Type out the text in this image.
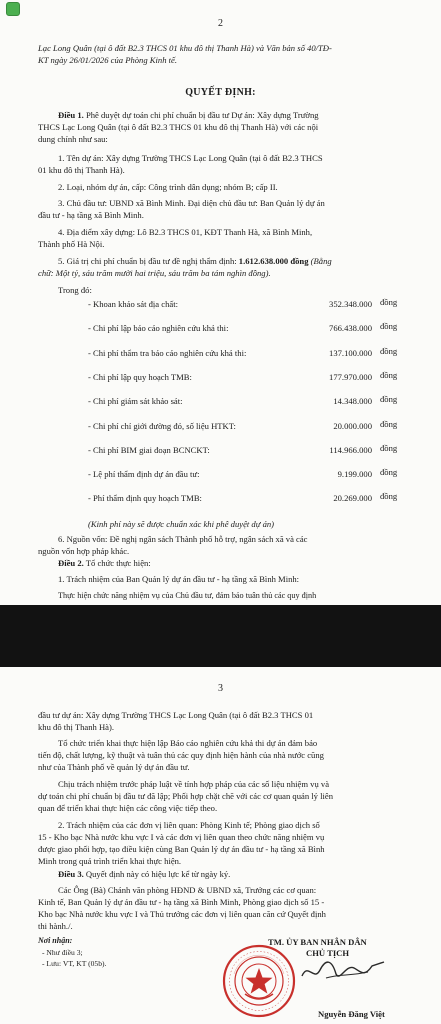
2
Lạc Long Quân (tại ô đất B2.3 THCS 01 khu đô thị Thanh Hà) và Văn bản số 40/TĐ-
KT ngày 26/01/2026 của Phòng Kinh tế.
QUYẾT ĐỊNH:
Điều 1. Phê duyệt dự toán chi phí chuẩn bị đầu tư Dự án: Xây dựng Trường
THCS Lạc Long Quân (tại ô đất B2.3 THCS 01 khu đô thị Thanh Hà) với các nội
dung chính như sau:
1. Tên dự án: Xây dựng Trường THCS Lạc Long Quân (tại ô đất B2.3 THCS
01 khu đô thị Thanh Hà).
2. Loại, nhóm dự án, cấp: Công trình dân dụng; nhóm B; cấp II.
3. Chủ đầu tư: UBND xã Bình Minh. Đại diện chủ đầu tư: Ban Quản lý dự án
đầu tư - hạ tầng xã Bình Minh.
4. Địa điểm xây dựng: Lô B2.3 THCS 01, KĐT Thanh Hà, xã Bình Minh,
Thành phố Hà Nội.
5. Giá trị chi phí chuẩn bị đầu tư đề nghị thẩm định: 1.612.638.000 đồng (Bằng
chữ: Một tỷ, sáu trăm mười hai triệu, sáu trăm ba tám nghìn đồng).
Trong đó:
- Khoan khảo sát địa chất:	352.348.000 đồng
- Chi phí lập báo cáo nghiên cứu khả thi:	766.438.000 đồng
- Chi phí thẩm tra báo cáo nghiên cứu khả thi:	137.100.000 đồng
- Chi phí lập quy hoạch TMB:	177.970.000 đồng
- Chi phí giám sát khảo sát:	14.348.000 đồng
- Chi phí chỉ giới đường đỏ, số liệu HTKT:	20.000.000 đồng
- Chi phí BIM giai đoạn BCNCKT:	114.966.000 đồng
- Lệ phí thẩm định dự án đầu tư:	9.199.000 đồng
- Phí thẩm định quy hoạch TMB:	20.269.000 đồng
(Kinh phí này sẽ được chuẩn xác khi phê duyệt dự án)
6. Nguồn vốn: Đề nghị ngân sách Thành phố hỗ trợ, ngân sách xã và các
nguồn vốn hợp pháp khác.
Điều 2. Tổ chức thực hiện:
1. Trách nhiệm của Ban Quản lý dự án đầu tư - hạ tầng xã Bình Minh:
Thực hiện chức năng nhiệm vụ của Chủ đầu tư, đảm bảo tuân thủ các quy định
3
đầu tư dự án: Xây dựng Trường THCS Lạc Long Quân (tại ô đất B2.3 THCS 01
khu đô thị Thanh Hà).
Tổ chức triển khai thực hiện lập Báo cáo nghiên cứu khả thi dự án đảm bảo
tiến độ, chất lượng, kỹ thuật và tuân thủ các quy định hiện hành của nhà nước cũng
như của Thành phố về quản lý dự án đầu tư.
Chịu trách nhiệm trước pháp luật về tính hợp pháp của các số liệu nhiệm vụ và
dự toán chi phí chuẩn bị đầu tư đã lập; Phối hợp chặt chẽ với các cơ quan quản lý liên
quan để triển khai thực hiện các công việc tiếp theo.
2. Trách nhiệm của các đơn vị liên quan: Phòng Kinh tế; Phòng giao dịch số
15 - Kho bạc Nhà nước khu vực I và các đơn vị liên quan theo chức năng nhiệm vụ
được giao phối hợp, tạo điều kiện cùng Ban Quản lý dự án đầu tư - hạ tầng xã Bình
Minh trong quá trình triển khai thực hiện.
Điều 3. Quyết định này có hiệu lực kể từ ngày ký.
Các Ông (Bà) Chánh văn phòng HĐND & UBND xã, Trưởng các cơ quan:
Kinh tế, Ban Quản lý dự án đầu tư - hạ tầng xã Bình Minh, Phòng giao dịch số 15 -
Kho bạc Nhà nước khu vực I và Thủ trưởng các đơn vị liên quan căn cứ Quyết định
thi hành./.
Nơi nhận:
- Như điều 3;
- Lưu: VT, KT (05b).
TM. ỦY BAN NHÂN DÂN
CHỦ TỊCH
Nguyễn Đăng Việt
